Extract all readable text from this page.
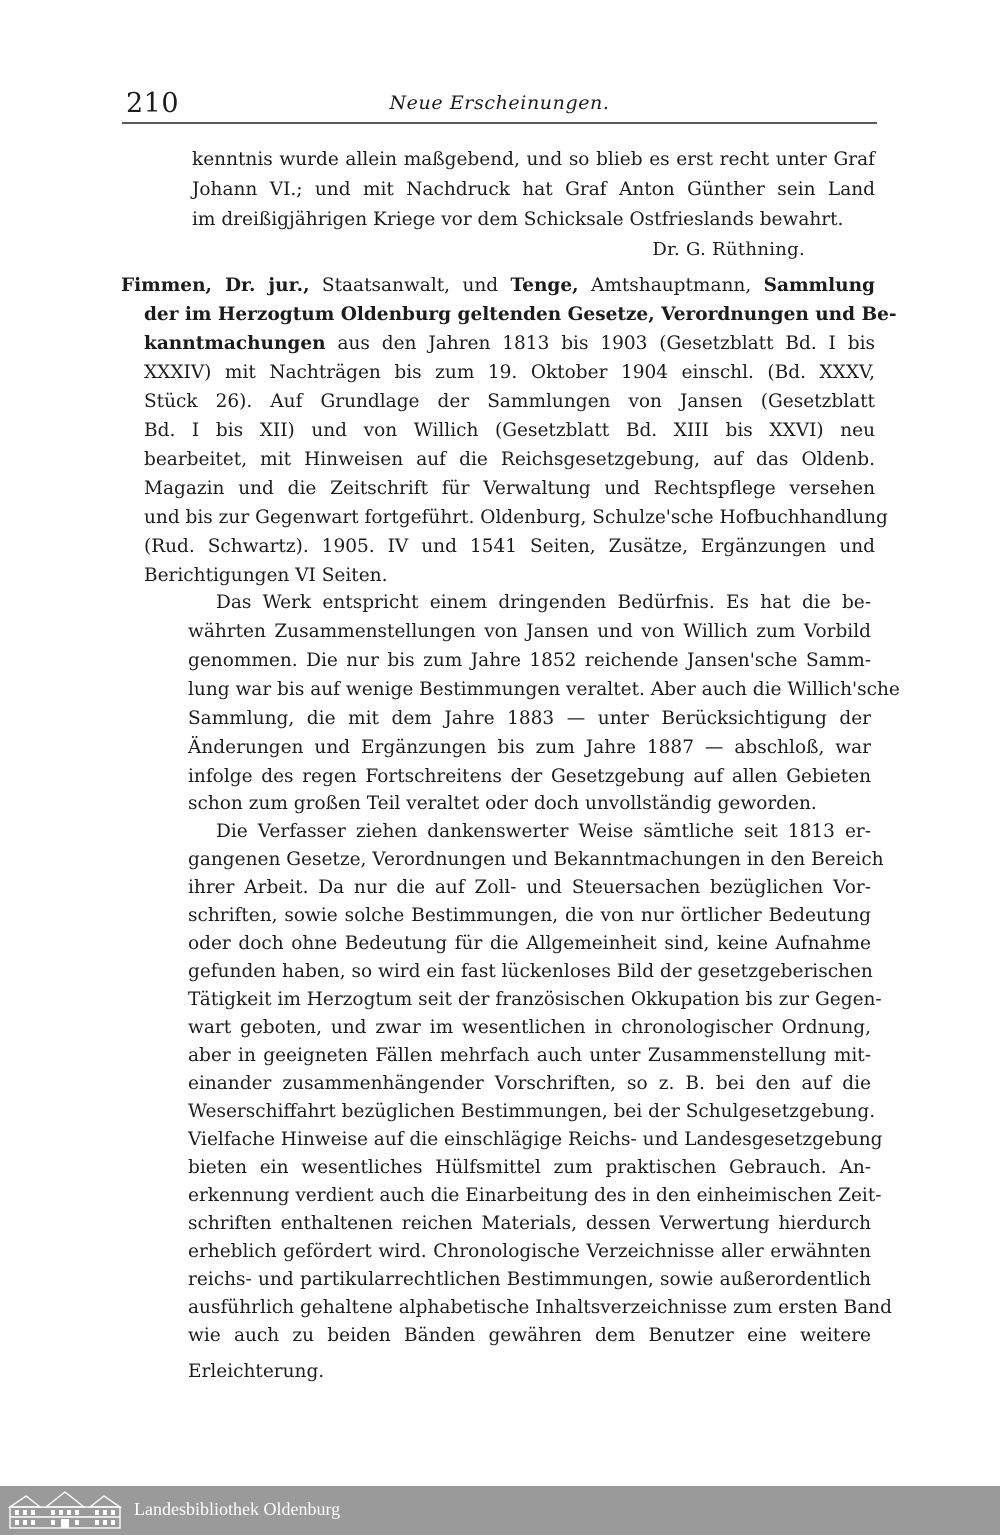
210	Neue Erscheinungen.
kenntnis wurde allein maßgebend, und so blieb es erst recht unter Graf
Johann VI.; und mit Nachdruck hat Graf Anton Günther sein Land
im dreißigjährigen Kriege vor dem Schicksale Ostfrieslands bewahrt.
Dr. G. Rüthning.
Fimmen, Dr. jur., Staatsanwalt, und Tenge, Amtshauptmann, Sammlung
der im Herzogtum Oldenburg geltenden Gesetze, Verordnungen und Be-
kanntmachungen aus den Jahren 1813 bis 1903 (Gesetzblatt Bd. I bis
XXXIV) mit Nachträgen bis zum 19. Oktober 1904 einschl. (Bd. XXXV,
Stück 26). Auf Grundlage der Sammlungen von Jansen (Gesetzblatt
Bd. I bis XII) und von Willich (Gesetzblatt Bd. XIII bis XXVI) neu
bearbeitet, mit Hinweisen auf die Reichsgesetzgebung, auf das Oldenb.
Magazin und die Zeitschrift für Verwaltung und Rechtspflege versehen
und bis zur Gegenwart fortgeführt. Oldenburg, Schulze'sche Hofbuchhandlung
(Rud. Schwartz). 1905. IV und 1541 Seiten, Zusätze, Ergänzungen und
Berichtigungen VI Seiten.
Das Werk entspricht einem dringenden Bedürfnis. Es hat die be-
währten Zusammenstellungen von Jansen und von Willich zum Vorbild
genommen. Die nur bis zum Jahre 1852 reichende Jansen'sche Samm-
lung war bis auf wenige Bestimmungen veraltet. Aber auch die Willich'sche
Sammlung, die mit dem Jahre 1883 — unter Berücksichtigung der
Änderungen und Ergänzungen bis zum Jahre 1887 — abschloß, war
infolge des regen Fortschreitens der Gesetzgebung auf allen Gebieten
schon zum großen Teil veraltet oder doch unvollständig geworden.
Die Verfasser ziehen dankenswerter Weise sämtliche seit 1813 er-
gangenen Gesetze, Verordnungen und Bekanntmachungen in den Bereich
ihrer Arbeit. Da nur die auf Zoll- und Steuersachen bezüglichen Vor-
schriften, sowie solche Bestimmungen, die von nur örtlicher Bedeutung
oder doch ohne Bedeutung für die Allgemeinheit sind, keine Aufnahme
gefunden haben, so wird ein fast lückenloses Bild der gesetzgeberischen
Tätigkeit im Herzogtum seit der französischen Okkupation bis zur Gegen-
wart geboten, und zwar im wesentlichen in chronologischer Ordnung,
aber in geeigneten Fällen mehrfach auch unter Zusammenstellung mit-
einander zusammenhängender Vorschriften, so z. B. bei den auf die
Weserschiffahrt bezüglichen Bestimmungen, bei der Schulgesetzgebung.
Vielfache Hinweise auf die einschlägige Reichs- und Landesgesetzgebung
bieten ein wesentliches Hülfsmittel zum praktischen Gebrauch. An-
erkennung verdient auch die Einarbeitung des in den einheimischen Zeit-
schriften enthaltenen reichen Materials, dessen Verwertung hierdurch
erheblich gefördert wird. Chronologische Verzeichnisse aller erwähnten
reichs- und partikularrechtlichen Bestimmungen, sowie außerordentlich
ausführlich gehaltene alphabetische Inhaltsverzeichnisse zum ersten Band
wie auch zu beiden Bänden gewähren dem Benutzer eine weitere
Erleichterung.
Landesbibliothek Oldenburg
